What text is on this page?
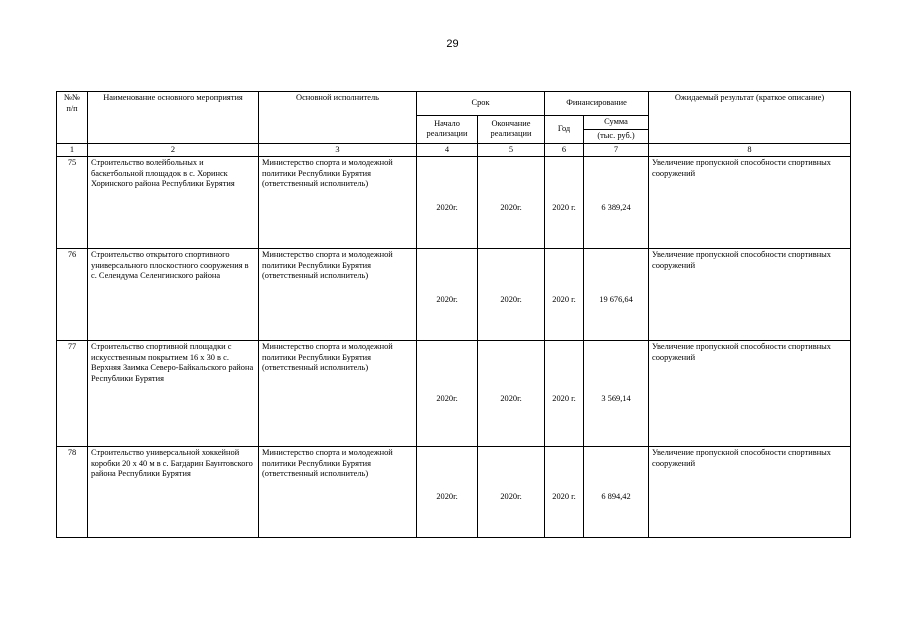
29
№№ п/п	Наименование основного мероприятия	Основной исполнитель	Срок		Финансирование		Ожидаемый результат (краткое описание)
			Начало реализации	Окончание реализации	Год	Сумма	
						(тыс. руб.)	
1	2	3	4	5	6	7	8
75	Строительство волейбольных и баскетбольной площадок в с. Хоринск Хоринского района Республики Бурятия	Министерство спорта и молодежной политики Республики Бурятия (ответственный исполнитель)	2020г.	2020г.	2020 г.	6 389,24	Увеличение пропускной способности спортивных сооружений
76	Строительство открытого спортивного универсального плоскостного сооружения в с. Селендума Селенгинского района	Министерство спорта и молодежной политики Республики Бурятия (ответственный исполнитель)	2020г.	2020г.	2020 г.	19 676,64	Увеличение пропускной способности спортивных сооружений
77	Строительство спортивной площадки с искусственным покрытием 16 х 30 в с. Верхняя Заимка Северо-Байкальского района Республики Бурятия	Министерство спорта и молодежной политики Республики Бурятия (ответственный исполнитель)	2020г.	2020г.	2020 г.	3 569,14	Увеличение пропускной способности спортивных сооружений
78	Строительство универсальной хоккейной коробки 20 х 40 м в с. Багдарин Баунтовского района Республики Бурятия	Министерство спорта и молодежной политики Республики Бурятия (ответственный исполнитель)	2020г.	2020г.	2020 г.	6 894,42	Увеличение пропускной способности спортивных сооружений
